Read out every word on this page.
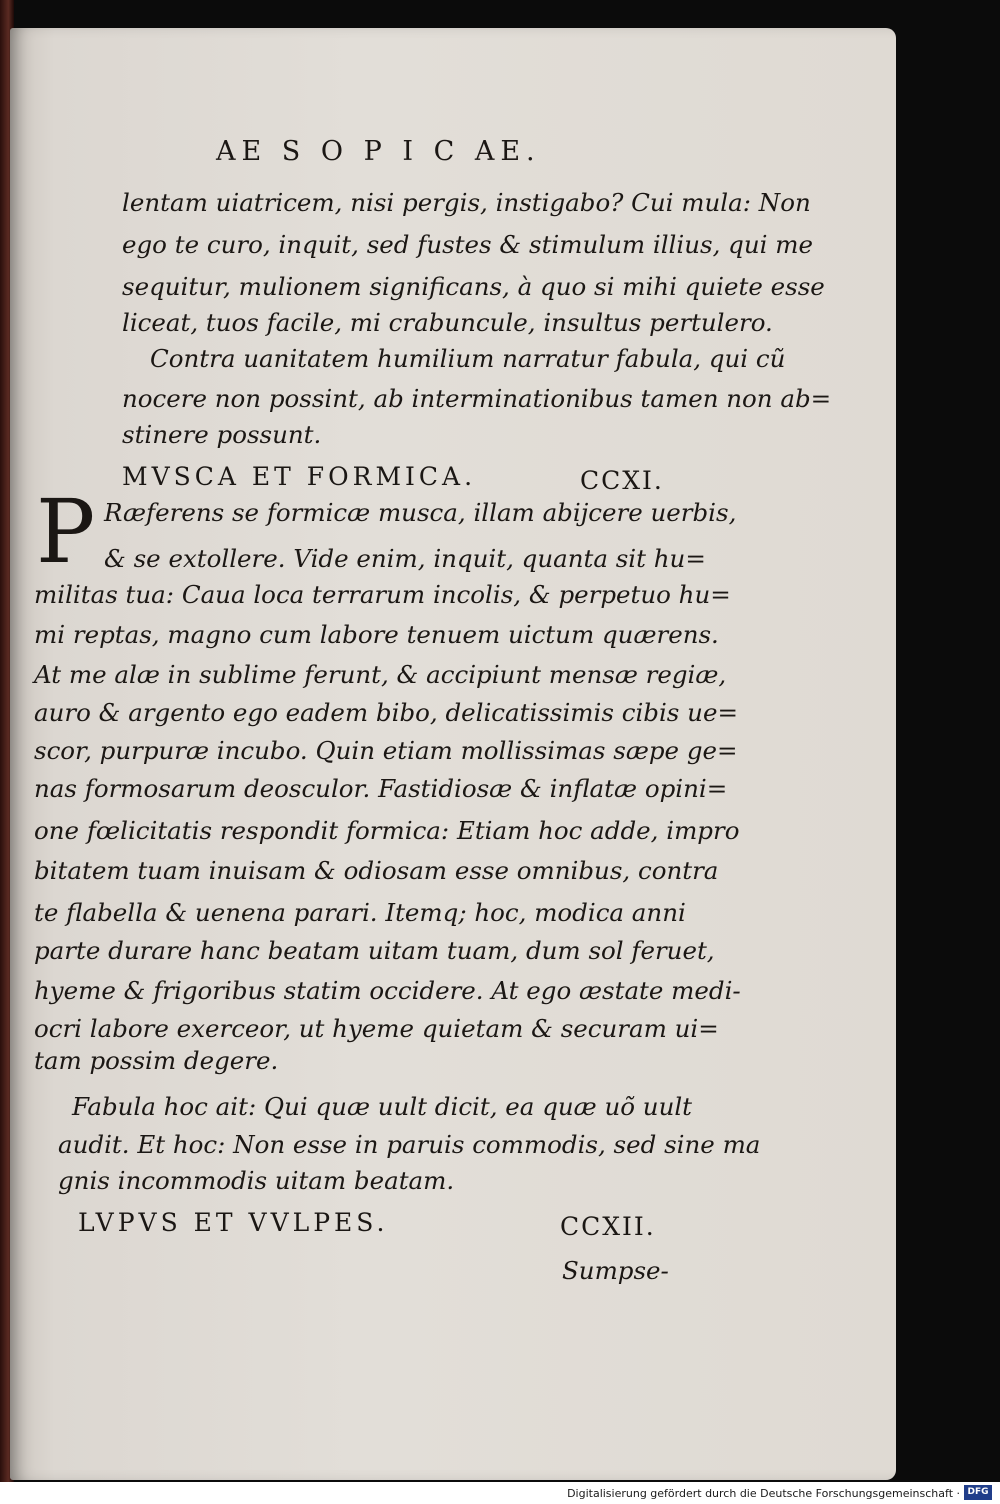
AE S O P I C AE.
lentam uiatricem, nisi pergis, instigabo? Cui mula: Non
ego te curo, inquit, sed fustes & stimulum illius, qui me
sequitur, mulionem significans, à quo si mihi quiete esse
liceat, tuos facile, mi crabuncule, insultus pertulero.
Contra uanitatem humilium narratur fabula, qui cũ
nocere non possint, ab interminationibus tamen non ab=
stinere possunt.
MVSCA ET FORMICA.	CCXI.
P Ræferens se formicæ musca, illam abijcere uerbis,
& se extollere. Vide enim, inquit, quanta sit hu=
militas tua: Caua loca terrarum incolis, & perpetuo hu=
mi reptas, magno cum labore tenuem uictum quærens.
At me alæ in sublime ferunt, & accipiunt mensæ regiæ,
auro & argento ego eadem bibo, delicatissimis cibis ue=
scor, purpuræ incubo. Quin etiam mollissimas sæpe ge=
nas formosarum deosculor. Fastidiosæ & inflatæ opini=
one fœlicitatis respondit formica: Etiam hoc adde, impro
bitatem tuam inuisam & odiosam esse omnibus, contra
te flabella & uenena parari. Itemq; hoc, modica anni
parte durare hanc beatam uitam tuam, dum sol feruet,
hyeme & frigoribus statim occidere. At ego æstate medi-
ocri labore exerceor, ut hyeme quietam & securam ui=
tam possim degere.
Fabula hoc ait: Qui quæ uult dicit, ea quæ uõ uult
audit. Et hoc: Non esse in paruis commodis, sed sine ma
gnis incommodis uitam beatam.
LVPVS ET VVLPES.	CCXII.
Sumpse-
Digitalisierung gefördert durch die Deutsche Forschungsgemeinschaft · DFG
